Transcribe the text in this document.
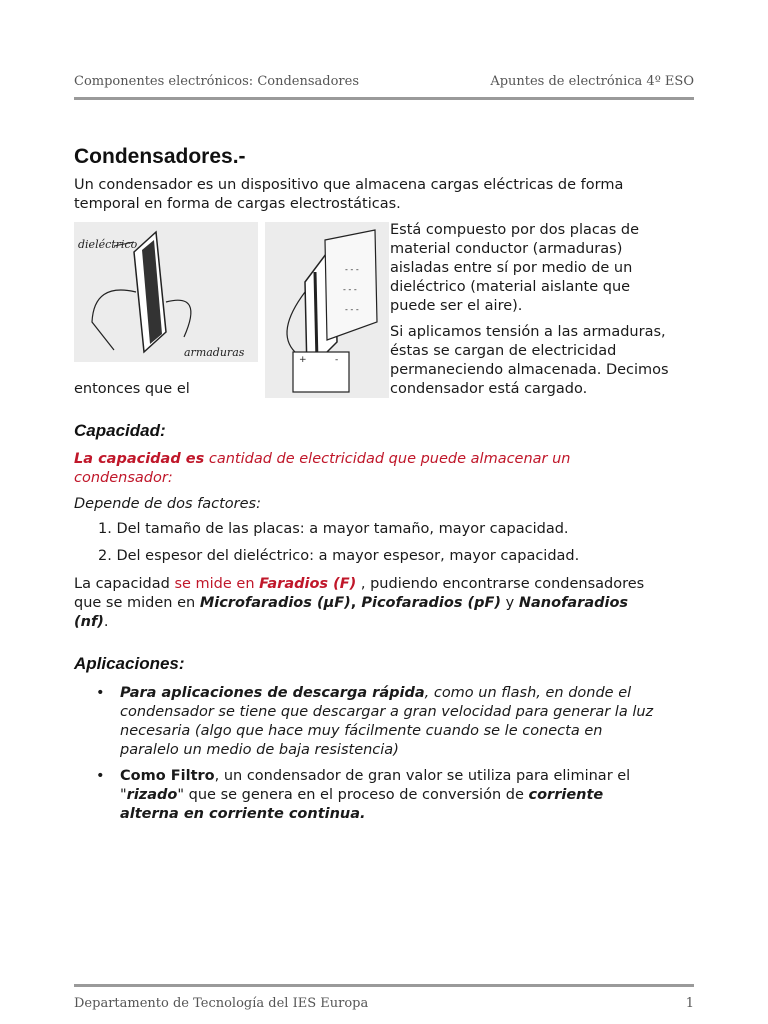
Componentes electrónicos: Condensadores	Apuntes de electrónica 4º ESO
Condensadores.-
Un condensador es un dispositivo que almacena cargas eléctricas de forma
temporal en forma de cargas electrostáticas.
dieléctrico
armaduras
- - -
- - -
- - -
+	-
Está compuesto por dos placas de
material conductor (armaduras)
aisladas entre sí por medio de un
dieléctrico (material aislante que
puede ser el aire).
Si aplicamos tensión a las armaduras,
éstas se cargan de electricidad
permaneciendo almacenada. Decimos
condensador está cargado.
entonces que el
Capacidad:
La capacidad es cantidad de electricidad que puede almacenar un
condensador:
Depende de dos factores:
1. Del tamaño de las placas: a mayor tamaño, mayor capacidad.
2. Del espesor del dieléctrico: a mayor espesor, mayor capacidad.
La capacidad se mide en Faradios (F) , pudiendo encontrarse condensadores
que se miden en Microfaradios (µF), Picofaradios (pF) y Nanofaradios
(nf).
Aplicaciones:
• Para aplicaciones de descarga rápida, como un flash, en donde el
condensador se tiene que descargar a gran velocidad para generar la luz
necesaria (algo que hace muy fácilmente cuando se le conecta en
paralelo un medio de baja resistencia)
• Como Filtro, un condensador de gran valor se utiliza para eliminar el
"rizado" que se genera en el proceso de conversión de corriente
alterna en corriente continua.
Departamento de Tecnología del IES Europa	1
